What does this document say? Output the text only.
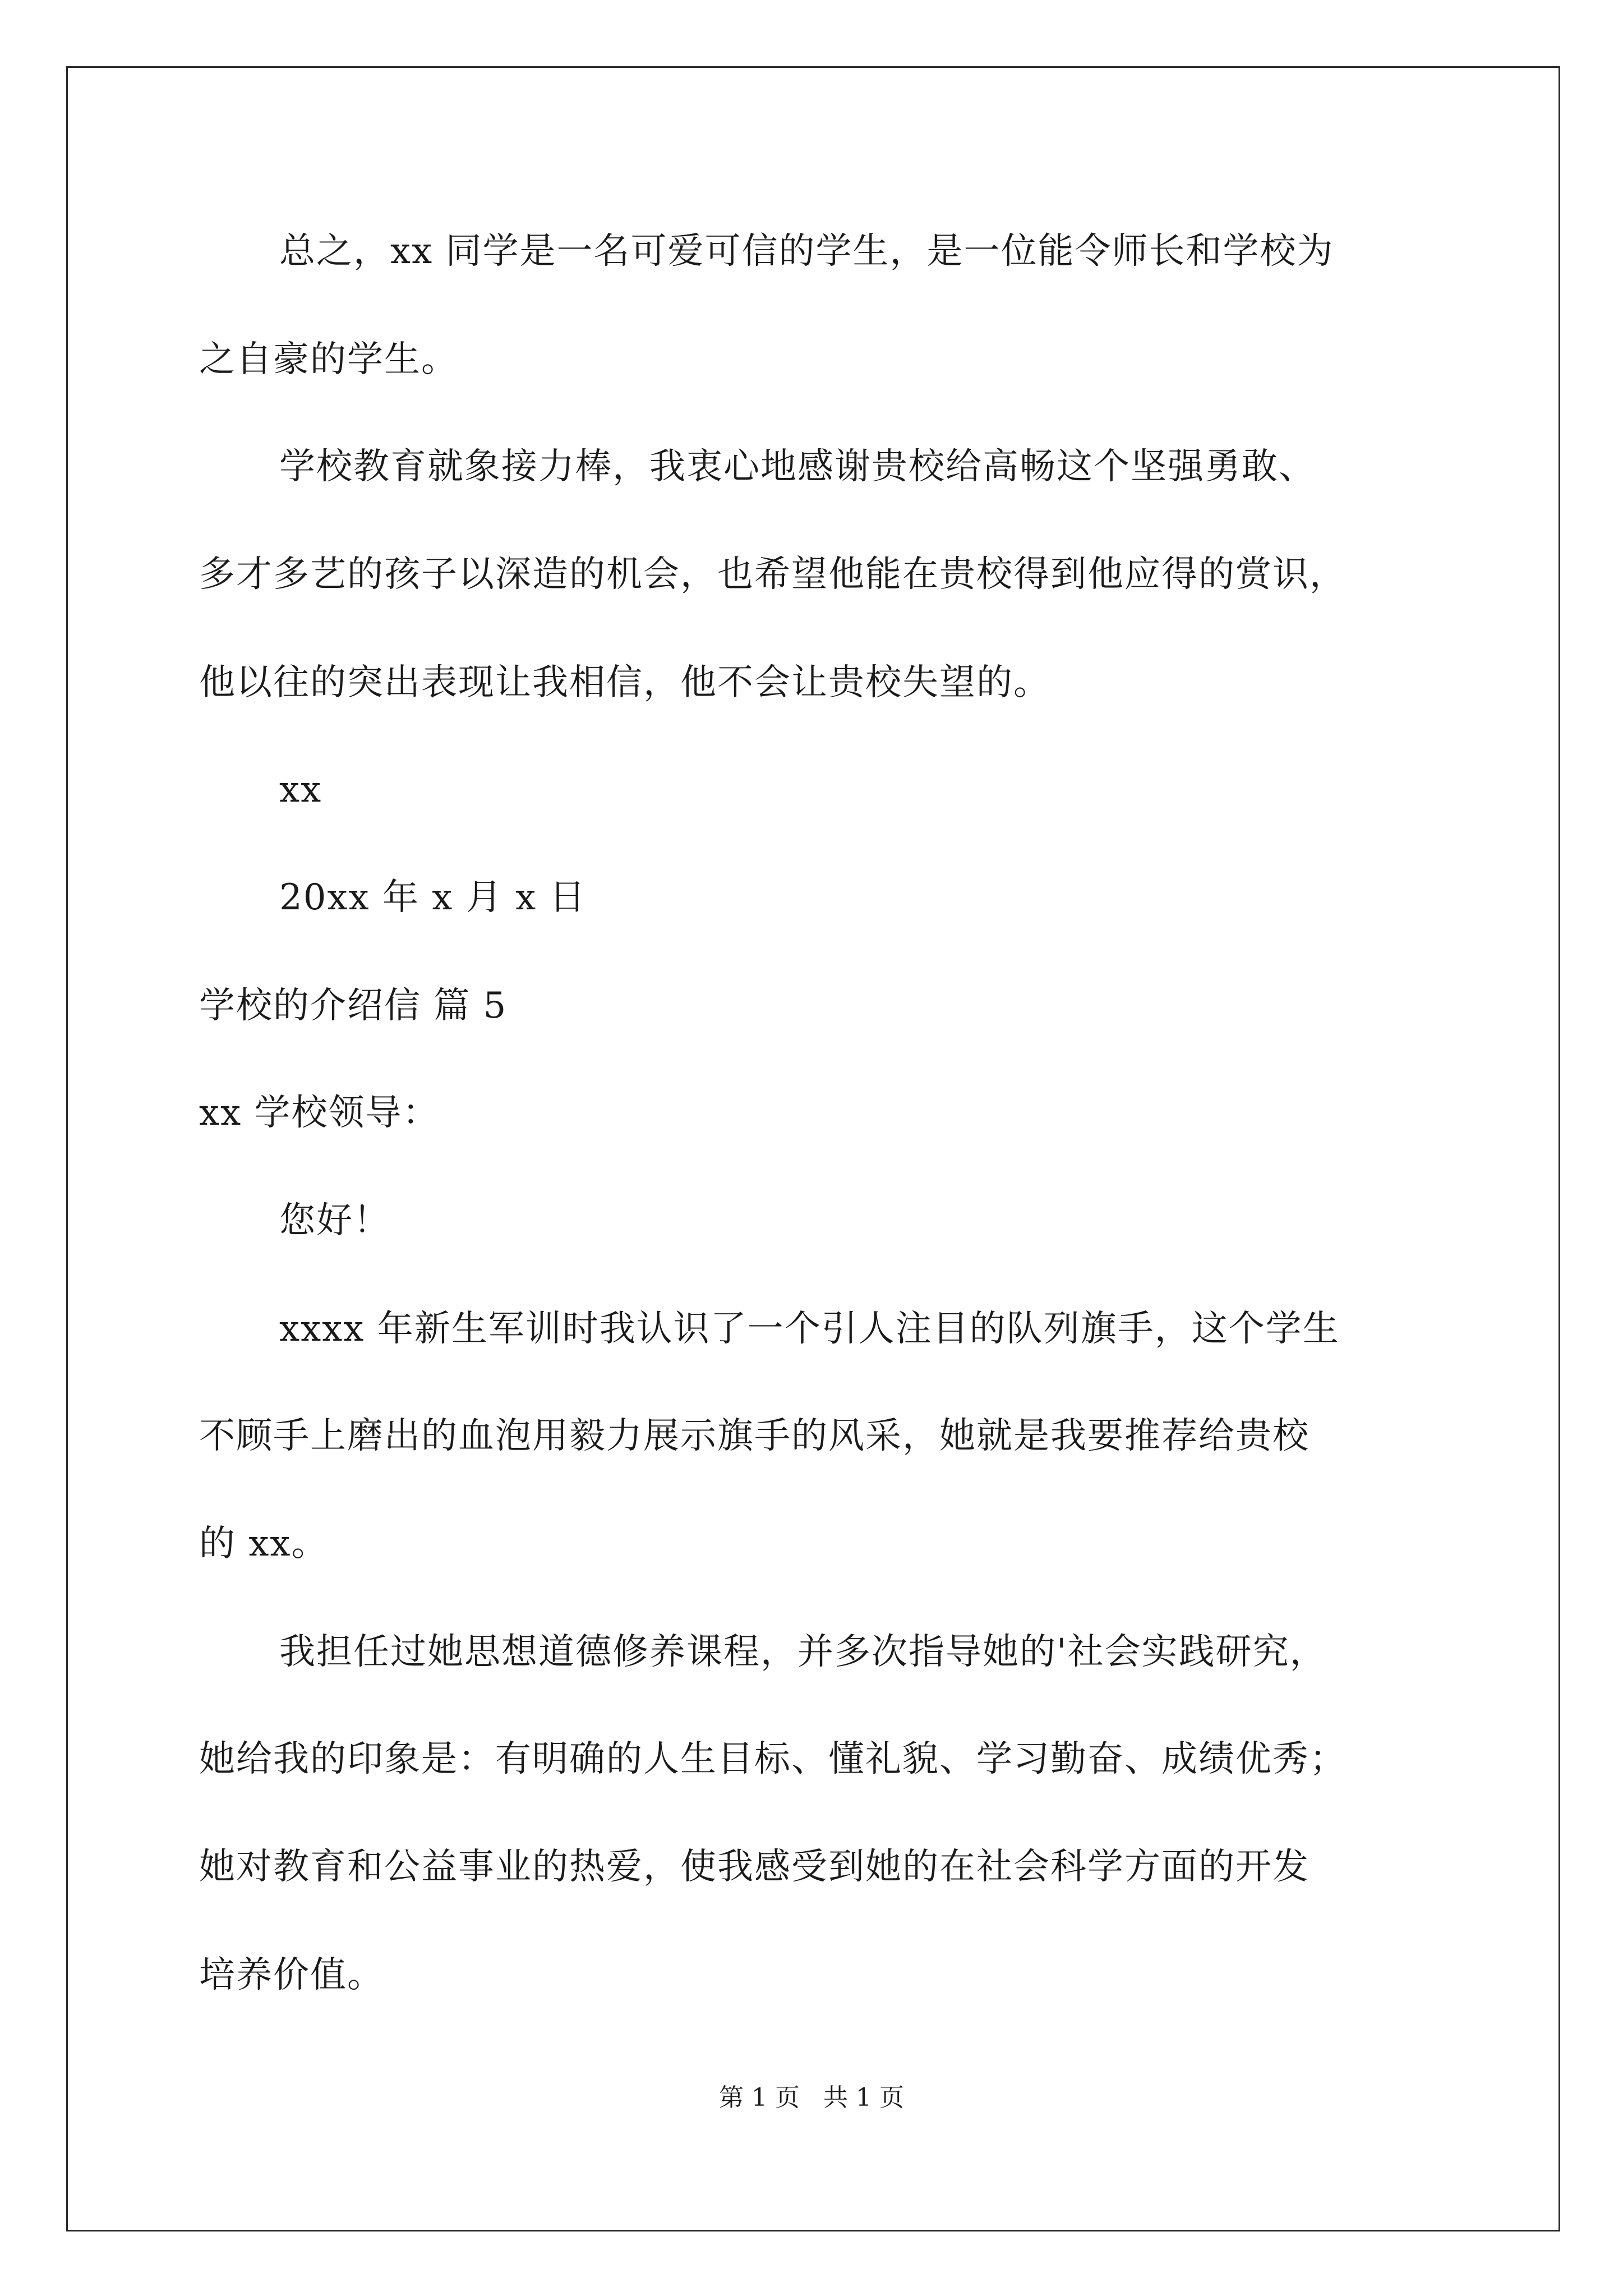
总之，xx 同学是一名可爱可信的学生，是一位能令师长和学校为
之自豪的学生。
学校教育就象接力棒，我衷心地感谢贵校给高畅这个坚强勇敢、
多才多艺的孩子以深造的机会，也希望他能在贵校得到他应得的赏识，
他以往的突出表现让我相信，他不会让贵校失望的。
xx
20xx 年 x 月 x 日
学校的介绍信 篇 5
xx 学校领导：
您好！
xxxx 年新生军训时我认识了一个引人注目的队列旗手，这个学生
不顾手上磨出的血泡用毅力展示旗手的风采，她就是我要推荐给贵校
的 xx。
我担任过她思想道德修养课程，并多次指导她的'社会实践研究，
她给我的印象是：有明确的人生目标、懂礼貌、学习勤奋、成绩优秀；
她对教育和公益事业的热爱，使我感受到她的在社会科学方面的开发
培养价值。
第 1 页   共 1 页
